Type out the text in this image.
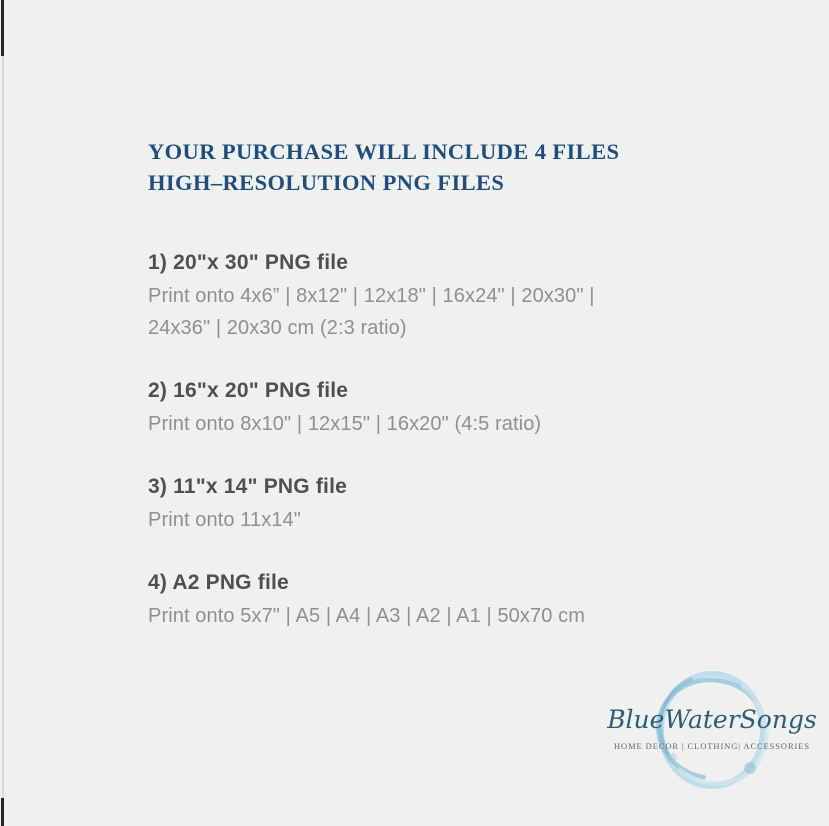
YOUR PURCHASE WILL INCLUDE 4 FILES
HIGH–RESOLUTION PNG FILES
1) 20"x 30" PNG file
Print onto 4x6” | 8x12" | 12x18" | 16x24" | 20x30" |
24x36" | 20x30 cm (2:3 ratio)
2) 16"x 20" PNG file
Print onto 8x10" | 12x15" | 16x20" (4:5 ratio)
3) 11"x 14" PNG file
Print onto 11x14"
4) A2 PNG file
Print onto 5x7" | A5 | A4 | A3 | A2 | A1 | 50x70 cm
BlueWaterSongs
HOME DECOR | CLOTHING| ACCESSORIES
